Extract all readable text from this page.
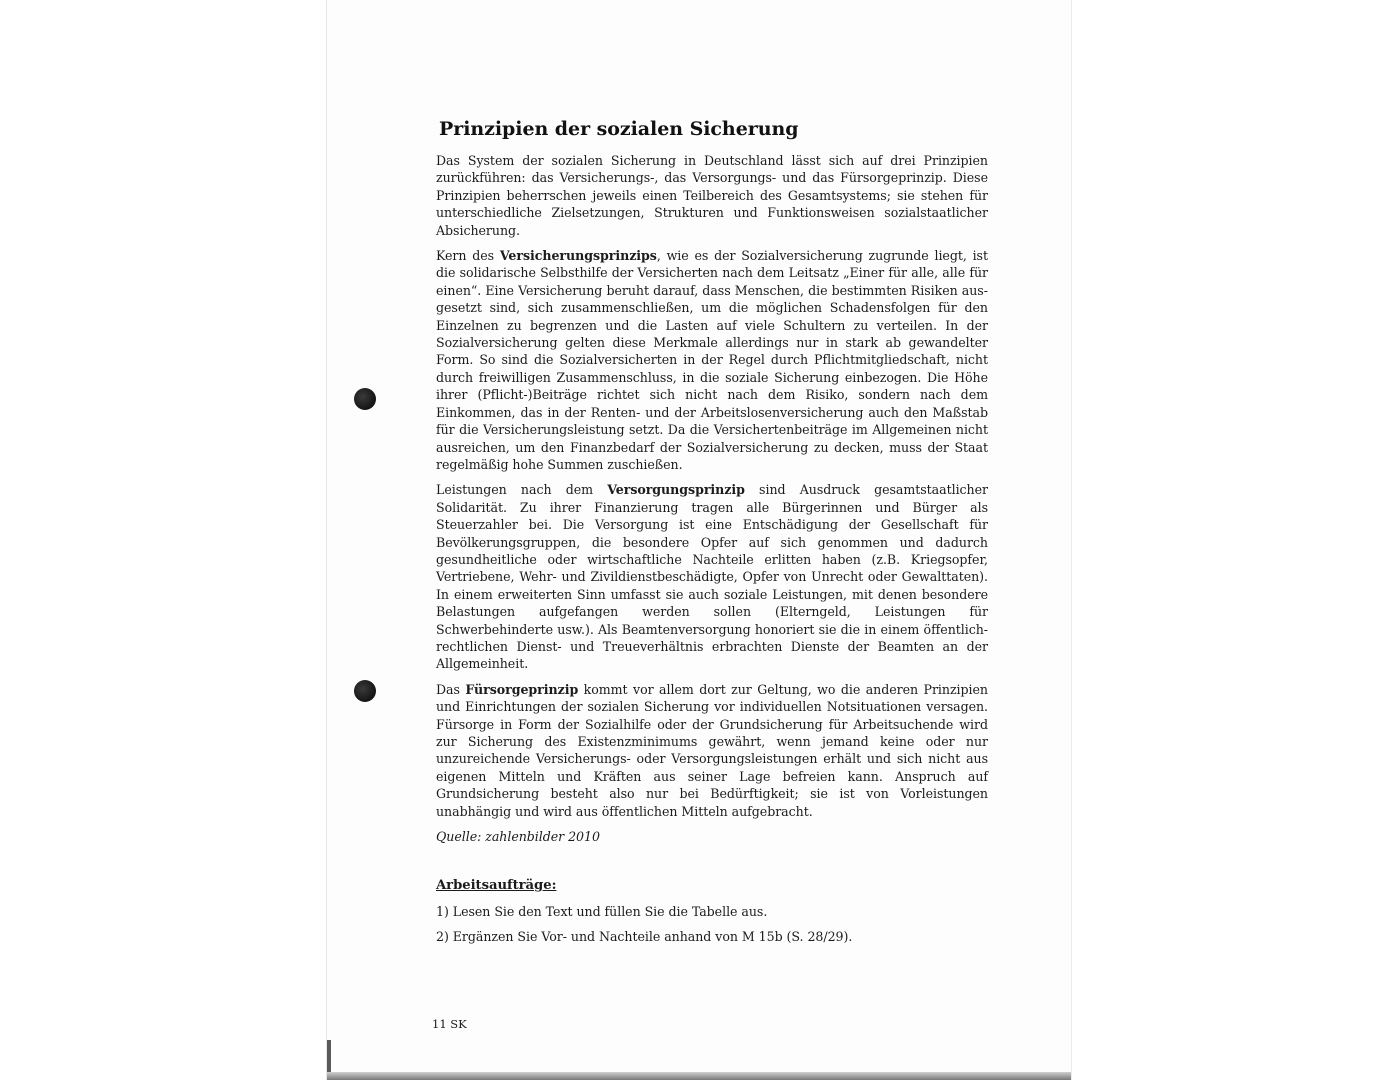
Prinzipien der sozialen Sicherung

Das System der sozialen Sicherung in Deutschland lässt sich auf drei Prinzipien zurückführen: das Versicherungs-, das Versorgungs- und das Fürsorgeprinzip. Diese Prinzipien beherrschen jeweils einen Teilbereich des Gesamtsystems; sie stehen für unterschiedliche Zielsetzungen, Strukturen und Funktionsweisen sozialstaatlicher Absicherung.

Kern des Versicherungsprinzips, wie es der Sozialversicherung zugrunde liegt, ist die solidarische Selbsthilfe der Versicherten nach dem Leitsatz „Einer für alle, alle für einen“. Eine Versicherung beruht darauf, dass Menschen, die bestimmten Risiken ausgesetzt sind, sich zusammenschließen, um die möglichen Schadensfolgen für den Einzelnen zu begrenzen und die Lasten auf viele Schultern zu verteilen. In der Sozialversicherung gelten diese Merkmale allerdings nur in stark ab gewandelter Form. So sind die Sozialversicherten in der Regel durch Pflichtmitgliedschaft, nicht durch freiwilligen Zusammenschluss, in die soziale Sicherung einbezogen. Die Höhe ihrer (Pflicht-)Beiträge richtet sich nicht nach dem Risiko, sondern nach dem Einkommen, das in der Renten- und der Arbeitslosenversicherung auch den Maßstab für die Versicherungsleistung setzt. Da die Versichertenbeiträge im Allgemeinen nicht ausreichen, um den Finanzbedarf der Sozialversicherung zu decken, muss der Staat regelmäßig hohe Summen zuschießen.

Leistungen nach dem Versorgungsprinzip sind Ausdruck gesamtstaatlicher Solidarität. Zu ihrer Finanzierung tragen alle Bürgerinnen und Bürger als Steuerzahler bei. Die Versorgung ist eine Entschädigung der Gesellschaft für Bevölkerungsgruppen, die besondere Opfer auf sich genommen und dadurch gesundheitliche oder wirtschaftliche Nachteile erlitten haben (z.B. Kriegsopfer, Vertriebene, Wehr- und Zivildienstbeschädigte, Opfer von Unrecht oder Gewalttaten). In einem erweiterten Sinn umfasst sie auch soziale Leistungen, mit denen besondere Belastungen aufgefangen werden sollen (Elterngeld, Leistungen für Schwerbehinderte usw.). Als Beamtenversorgung honoriert sie die in einem öffentlich-rechtlichen Dienst- und Treueverhältnis erbrachten Dienste der Beamten an der Allgemeinheit.

Das Fürsorgeprinzip kommt vor allem dort zur Geltung, wo die anderen Prinzipien und Einrichtungen der sozialen Sicherung vor individuellen Notsituationen versagen. Fürsorge in Form der Sozialhilfe oder der Grundsicherung für Arbeitsuchende wird zur Sicherung des Existenzminimums gewährt, wenn jemand keine oder nur unzureichende Versicherungs- oder Versorgungsleistungen erhält und sich nicht aus eigenen Mitteln und Kräften aus seiner Lage befreien kann. Anspruch auf Grundsicherung besteht also nur bei Bedürftigkeit; sie ist von Vorleistungen unabhängig und wird aus öffentlichen Mitteln aufgebracht.

Quelle: zahlenbilder 2010
Arbeitsaufträge:
1) Lesen Sie den Text und füllen Sie die Tabelle aus.
2) Ergänzen Sie Vor- und Nachteile anhand von M 15b (S. 28/29).
11 SK
